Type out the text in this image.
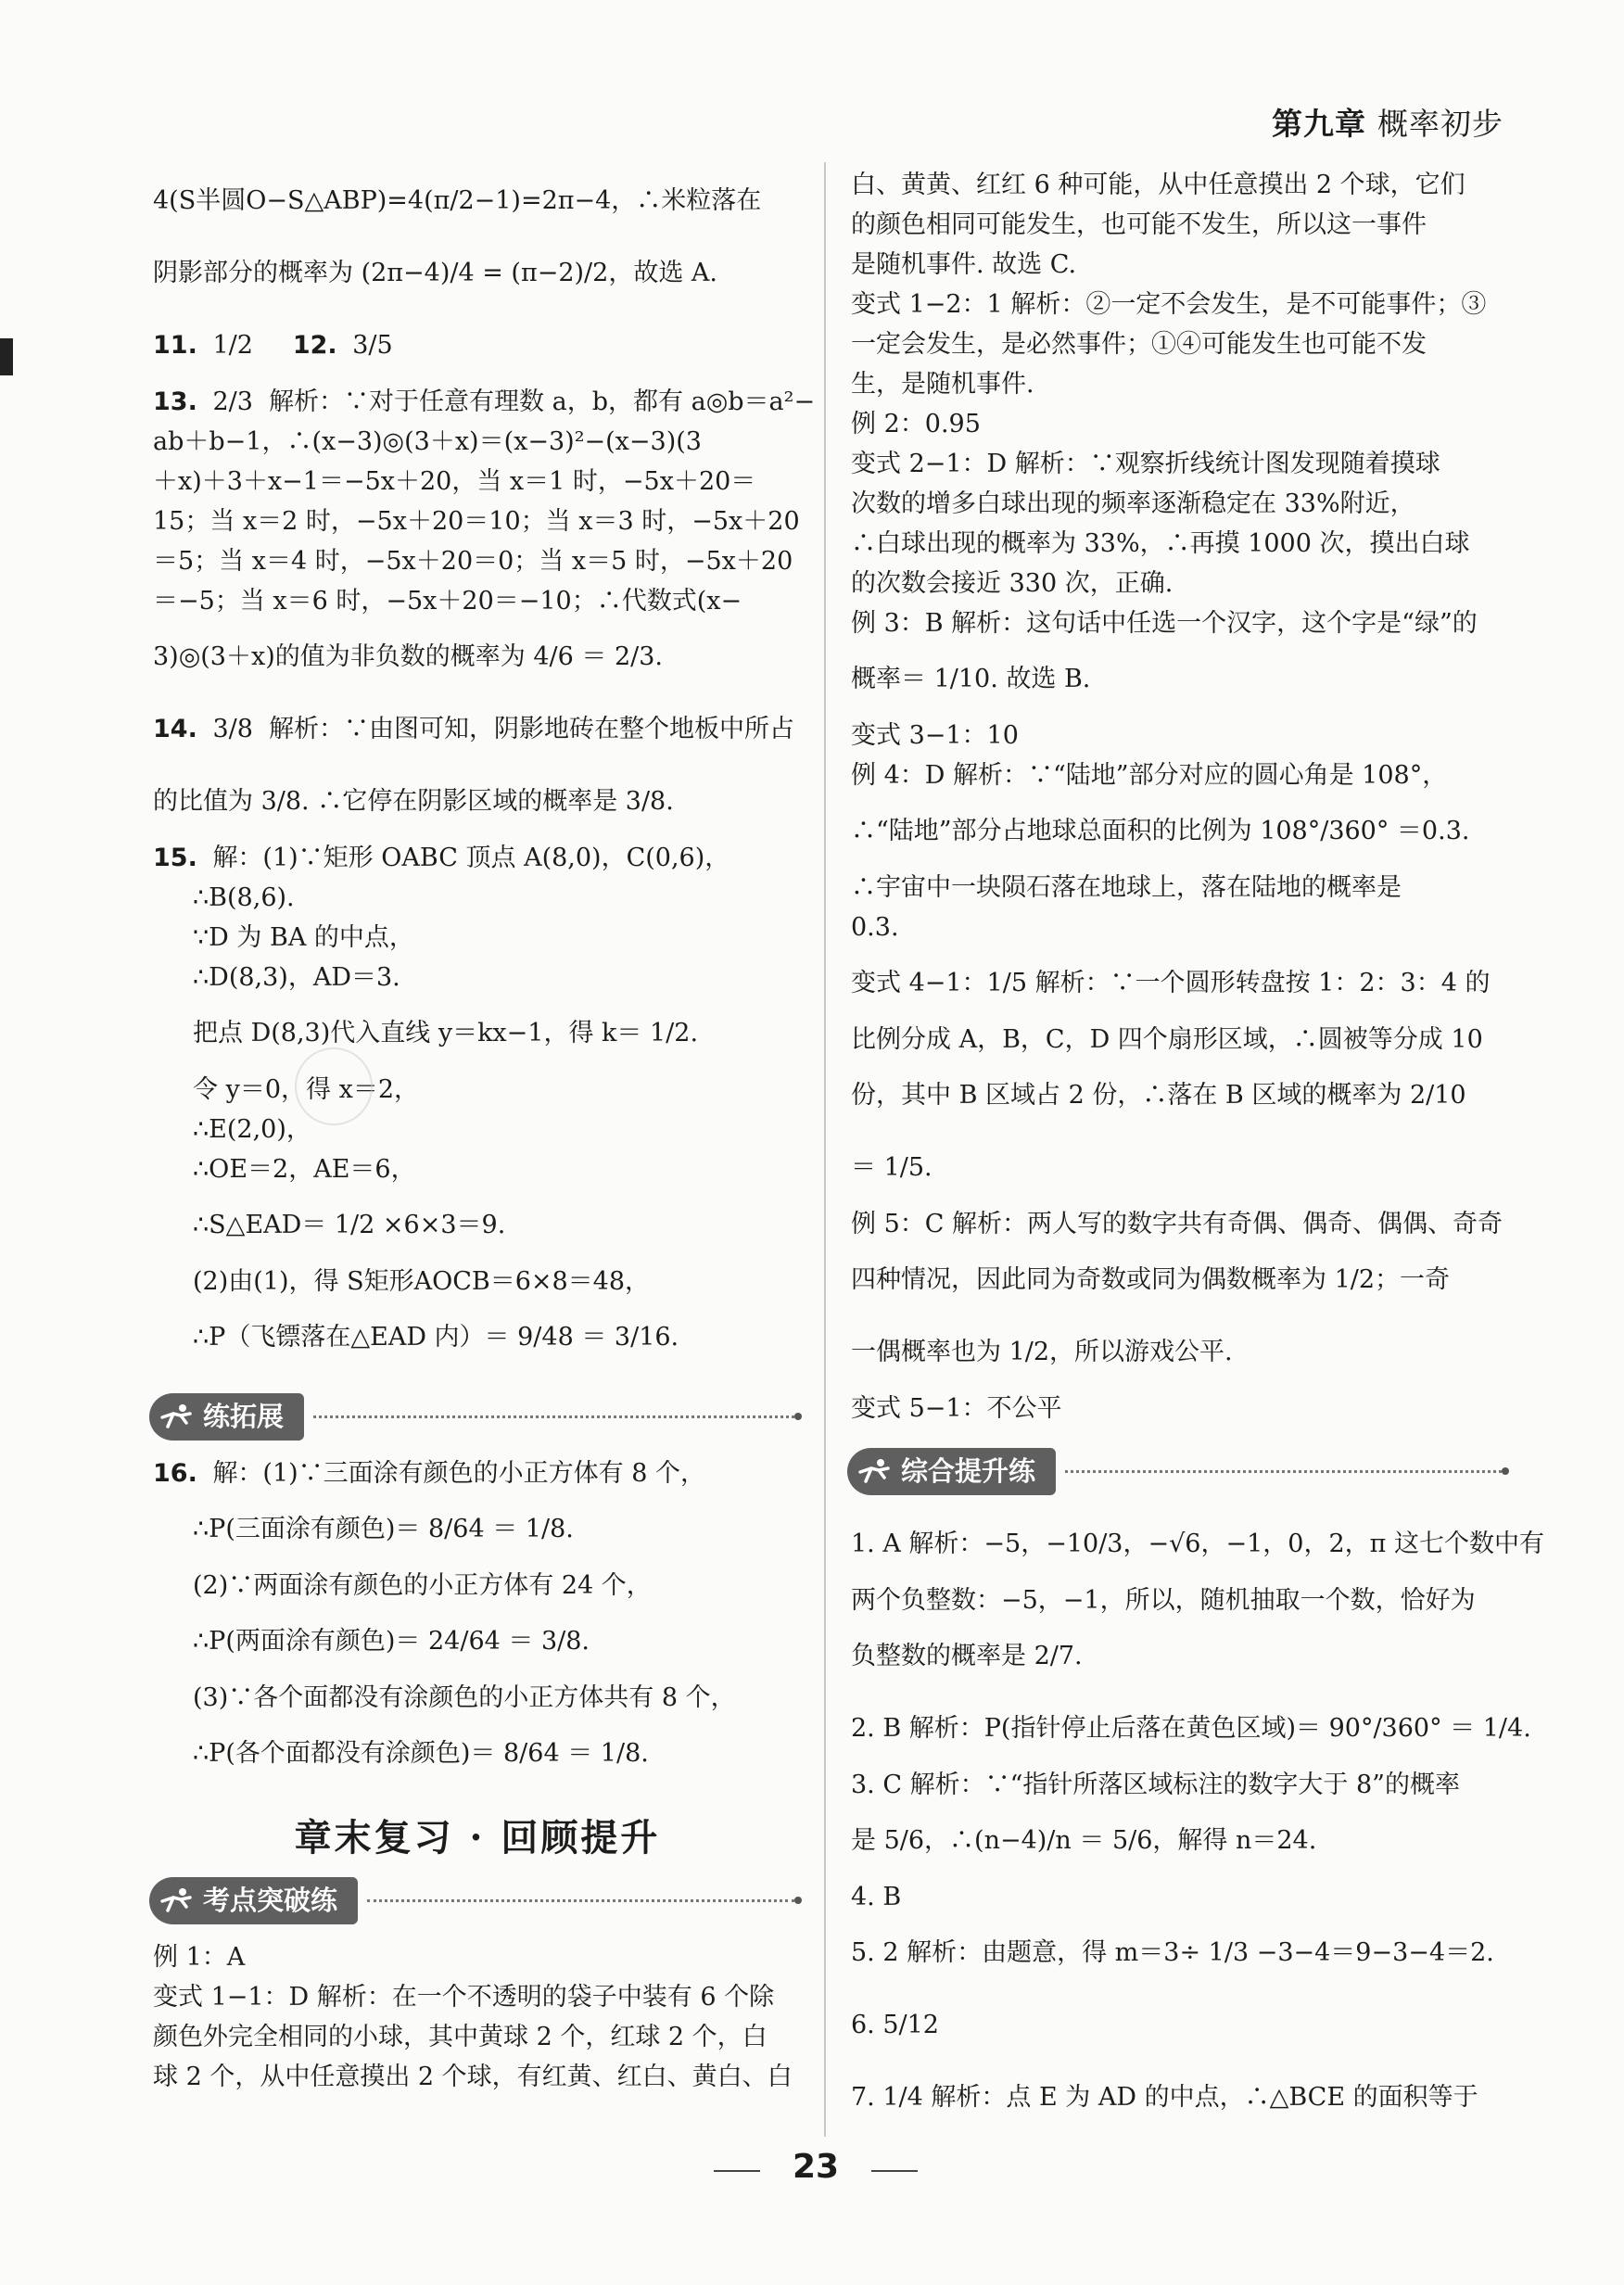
第九章 概率初步
4(S半圆O−S△ABP)=4(π/2−1)=2π−4，∴米粒落在
阴影部分的概率为 (2π−4)/4 = (π−2)/2，故选 A.
11. 1/2 12. 3/5
13. 2/3 解析：∵对于任意有理数 a，b，都有 a◎b＝a²−
ab＋b−1，∴(x−3)◎(3＋x)＝(x−3)²−(x−3)(3
＋x)＋3＋x−1＝−5x＋20，当 x＝1 时，−5x＋20＝
15；当 x＝2 时，−5x＋20＝10；当 x＝3 时，−5x＋20
＝5；当 x＝4 时，−5x＋20＝0；当 x＝5 时，−5x＋20
＝−5；当 x＝6 时，−5x＋20＝−10；∴代数式(x−
3)◎(3＋x)的值为非负数的概率为 4/6 ＝ 2/3.
14. 3/8 解析：∵由图可知，阴影地砖在整个地板中所占
的比值为 3/8. ∴它停在阴影区域的概率是 3/8.
15. 解：(1)∵矩形 OABC 顶点 A(8,0)，C(0,6)，
∴B(8,6).
∵D 为 BA 的中点，
∴D(8,3)，AD＝3.
把点 D(8,3)代入直线 y＝kx−1，得 k＝ 1/2.
令 y＝0，得 x＝2，
∴E(2,0)，
∴OE＝2，AE＝6，
∴S△EAD＝ 1/2 ×6×3＝9.
(2)由(1)，得 S矩形AOCB＝6×8＝48，
∴P（飞镖落在△EAD 内）＝ 9/48 ＝ 3/16.
练拓展
16. 解：(1)∵三面涂有颜色的小正方体有 8 个，
∴P(三面涂有颜色)＝ 8/64 ＝ 1/8.
(2)∵两面涂有颜色的小正方体有 24 个，
∴P(两面涂有颜色)＝ 24/64 ＝ 3/8.
(3)∵各个面都没有涂颜色的小正方体共有 8 个，
∴P(各个面都没有涂颜色)＝ 8/64 ＝ 1/8.
章末复习 · 回顾提升
考点突破练
例 1：A
变式 1−1：D 解析：在一个不透明的袋子中装有 6 个除
颜色外完全相同的小球，其中黄球 2 个，红球 2 个，白
球 2 个，从中任意摸出 2 个球，有红黄、红白、黄白、白
白、黄黄、红红 6 种可能，从中任意摸出 2 个球，它们
的颜色相同可能发生，也可能不发生，所以这一事件
是随机事件. 故选 C.
变式 1−2：1 解析：②一定不会发生，是不可能事件；③
一定会发生，是必然事件；①④可能发生也可能不发
生，是随机事件.
例 2：0.95
变式 2−1：D 解析：∵观察折线统计图发现随着摸球
次数的增多白球出现的频率逐渐稳定在 33%附近，
∴白球出现的概率为 33%，∴再摸 1000 次，摸出白球
的次数会接近 330 次，正确.
例 3：B 解析：这句话中任选一个汉字，这个字是“绿”的
概率＝ 1/10. 故选 B.
变式 3−1：10
例 4：D 解析：∵“陆地”部分对应的圆心角是 108°，
∴“陆地”部分占地球总面积的比例为 108°/360° ＝0.3.
∴宇宙中一块陨石落在地球上，落在陆地的概率是
0.3.
变式 4−1：1/5 解析：∵一个圆形转盘按 1：2：3：4 的
比例分成 A，B，C，D 四个扇形区域，∴圆被等分成 10
份，其中 B 区域占 2 份，∴落在 B 区域的概率为 2/10
＝ 1/5.
例 5：C 解析：两人写的数字共有奇偶、偶奇、偶偶、奇奇
四种情况，因此同为奇数或同为偶数概率为 1/2；一奇
一偶概率也为 1/2，所以游戏公平.
变式 5−1：不公平
综合提升练
1. A 解析：−5，−10/3，−√6，−1，0，2，π 这七个数中有
两个负整数：−5，−1，所以，随机抽取一个数，恰好为
负整数的概率是 2/7.
2. B 解析：P(指针停止后落在黄色区域)＝ 90°/360° ＝ 1/4.
3. C 解析：∵“指针所落区域标注的数字大于 8”的概率
是 5/6，∴(n−4)/n ＝ 5/6，解得 n＝24.
4. B
5. 2 解析：由题意，得 m＝3÷ 1/3 −3−4＝9−3−4＝2.
6. 5/12
7. 1/4 解析：点 E 为 AD 的中点，∴△BCE 的面积等于
23
